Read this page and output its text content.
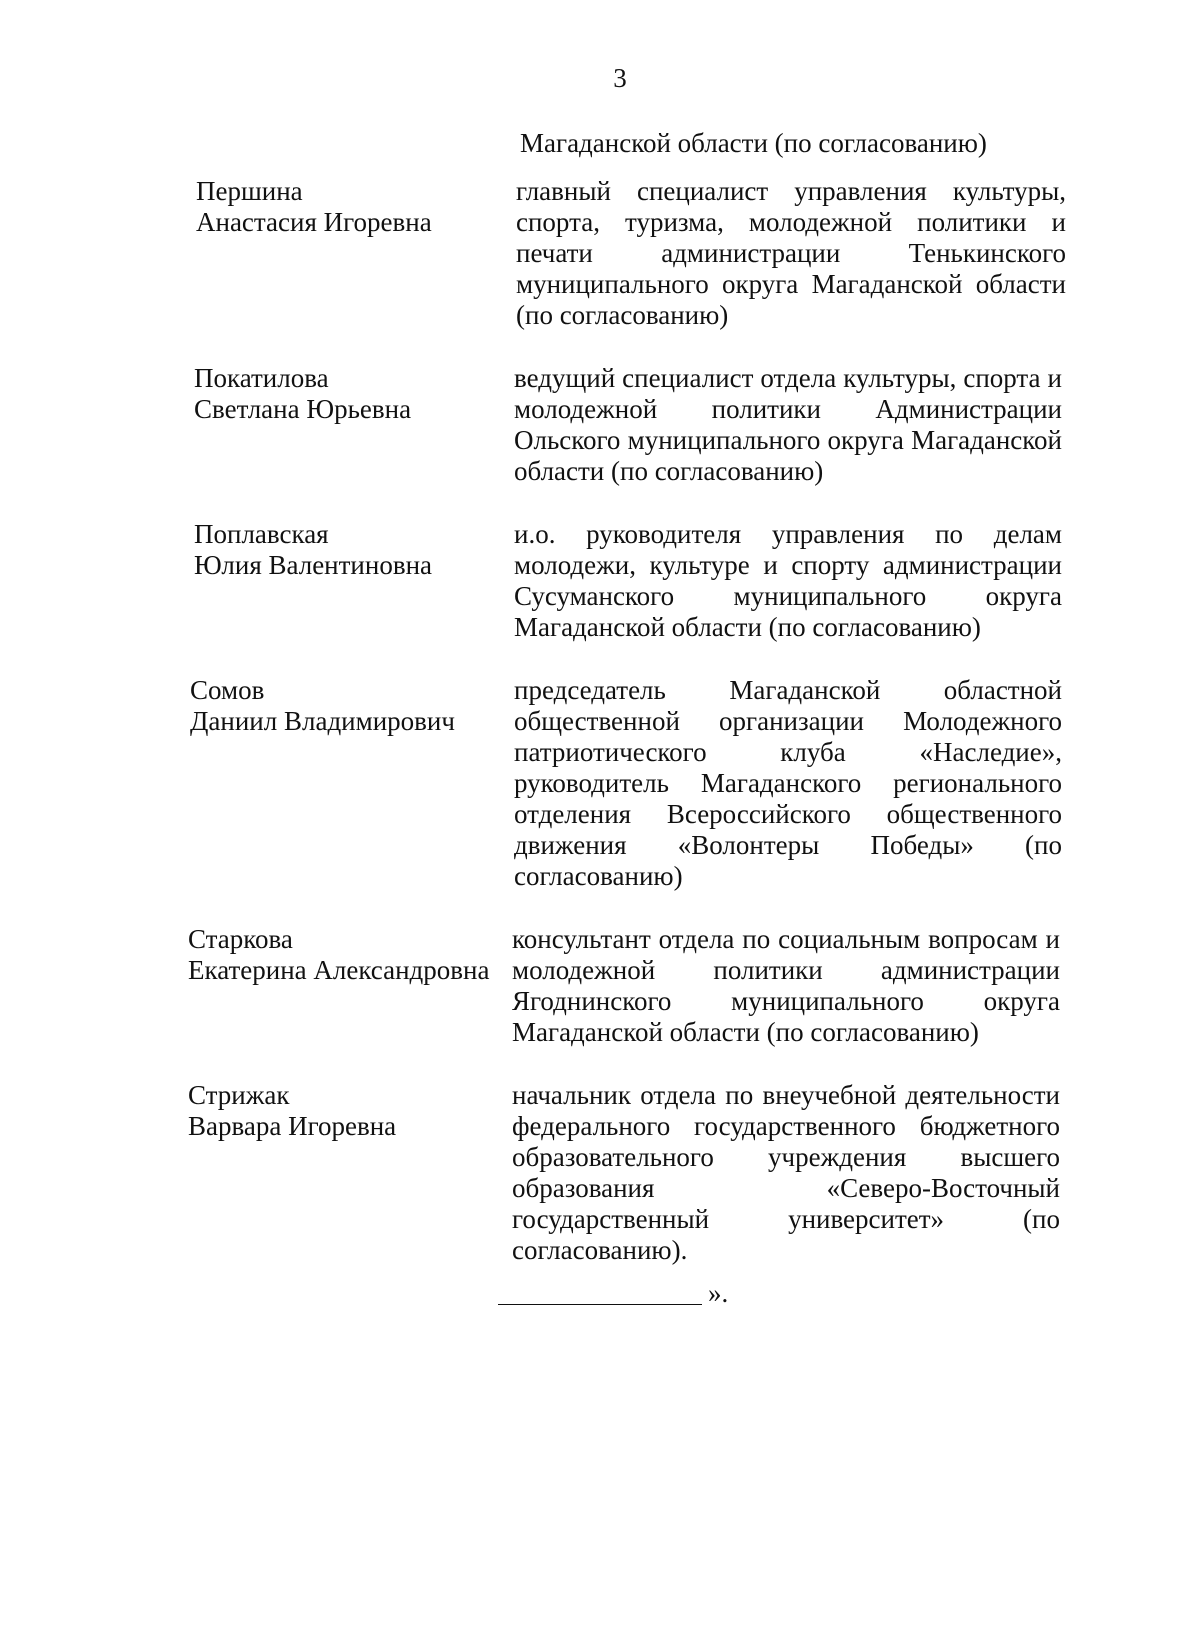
3
Магаданской области (по согласованию)
Першина
Анастасия Игоревна
главный специалист управления культуры, спорта, туризма, молодежной политики и печати администрации Тенькинского муниципального округа Магаданской области (по согласованию)
Покатилова
Светлана Юрьевна
ведущий специалист отдела культуры, спорта и молодежной политики Администрации Ольского муниципального округа Магаданской области (по согласованию)
Поплавская
Юлия Валентиновна
и.о. руководителя управления по делам молодежи, культуре и спорту администрации Сусуманского муниципального округа Магаданской области (по согласованию)
Сомов
Даниил Владимирович
председатель Магаданской областной общественной организации Молодежного патриотического клуба «Наследие», руководитель Магаданского регионального отделения Всероссийского общественного движения «Волонтеры Победы» (по согласованию)
Старкова
Екатерина Александровна
консультант отдела по социальным вопросам и молодежной политики администрации Ягоднинского муниципального округа Магаданской области (по согласованию)
Стрижак
Варвара Игоревна
начальник отдела по внеучебной деятельности федерального государственного бюджетного образовательного учреждения высшего образования «Северо-Восточный государственный университет» (по согласованию).
».
